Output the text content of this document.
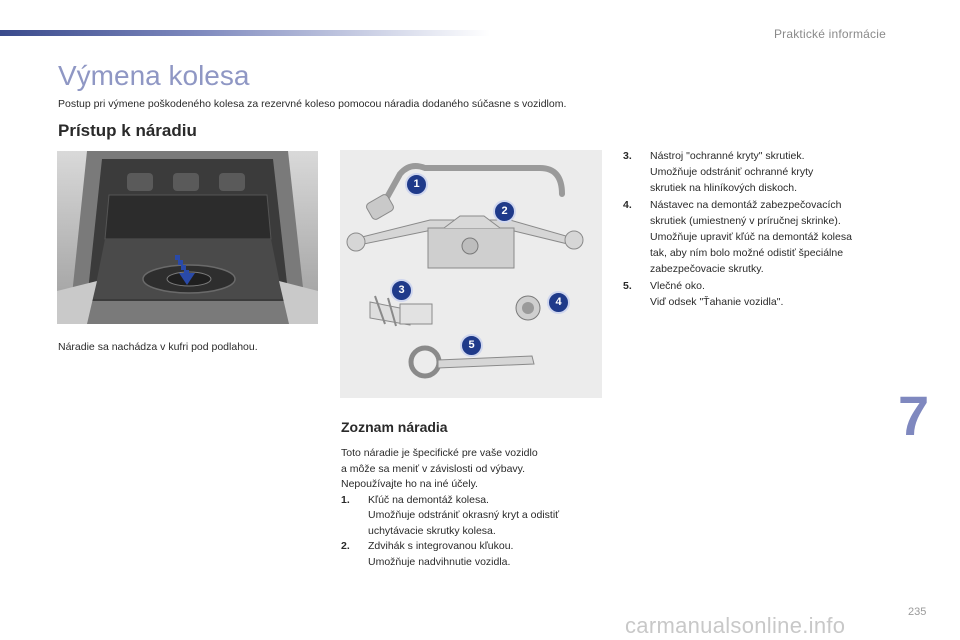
Praktické informácie
Výmena kolesa
Postup pri výmene poškodeného kolesa za rezervné koleso pomocou náradia dodaného súčasne s vozidlom.
Prístup k náradiu
Náradie sa nachádza v kufri pod podlahou.
1
2
3
4
5
Zoznam náradia

Toto náradie je špecifické pre vaše vozidlo

a môže sa meniť v závislosti od výbavy.

Nepoužívajte ho na iné účely.

1. Kľúč na demontáž kolesa.
Umožňuje odstrániť okrasný kryt a odistiť
uchytávacie skrutky kolesa.
2. Zdvihák s integrovanou kľukou.
Umožňuje nadvihnutie vozidla.
3. Nástroj "ochranné kryty" skrutiek.
Umožňuje odstrániť ochranné kryty
skrutiek na hliníkových diskoch.
4. Nástavec na demontáž zabezpečovacích
skrutiek (umiestnený v príručnej skrinke).
Umožňuje upraviť kľúč na demontáž kolesa
tak, aby ním bolo možné odistiť špeciálne
zabezpečovacie skrutky.
5. Vlečné oko.
Viď odsek "Ťahanie vozidla".
7
carmanualsonline.info
235
